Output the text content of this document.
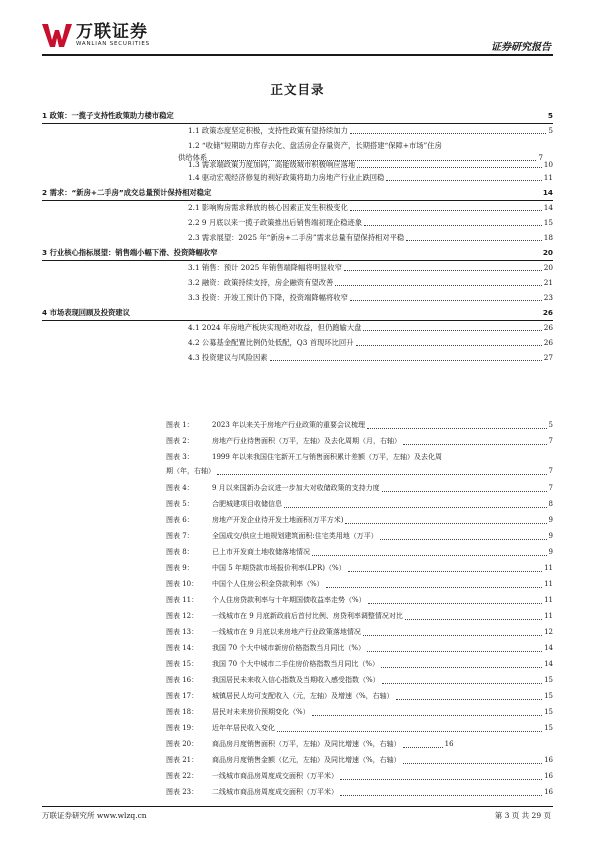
万联证券
WANLIAN SECURITIES	证券研究报告
正文目录
1 政策：一揽子支持性政策助力楼市稳定	5
1.1 政策态度坚定积极，支持性政策有望持续加力	5
1.2 “收储”短期助力库存去化、盘活房企存量资产，长期搭建“保障+市场”住房
供给体系	7
1.3 需求端政策力度加码，高能级城市积极响应落地	10
1.4 驱动宏观经济修复的利好政策将助力房地产行业止跌回稳	11
2 需求：“新房+二手房”成交总量预计保持相对稳定	14
2.1 影响购房需求释放的核心因素正发生积极变化	14
2.2 9 月底以来一揽子政策推出后销售端初现企稳迹象	15
2.3 需求展望：2025 年“新房+二手房”需求总量有望保持相对平稳	18
3 行业核心指标展望：销售端小幅下滑、投资降幅收窄	20
3.1 销售：预计 2025 年销售端降幅将明显收窄	20
3.2 融资：政策持续支持，房企融资有望改善	21
3.3 投资：开竣工预计仍下降，投资端降幅将收窄	23
4 市场表现回顾及投资建议	26
4.1 2024 年房地产板块实现绝对收益，但仍跑输大盘	26
4.2 公募基金配置比例仍处低配，Q3 首现环比回升	26
4.3 投资建议与风险因素	27
图表 1：	2023 年以来关于房地产行业政策的重要会议梳理	5
图表 2：	房地产行业待售面积（万平，左轴）及去化周期（月，右轴）	7
图表 3：	1999 年以来我国住宅新开工与销售面积累计差额（万平，左轴）及去化周
期（年，右轴）	7
图表 4：	9 月以来国新办会议进一步加大对收储政策的支持力度	7
图表 5：	合肥城建项目收储信息	8
图表 6：	房地产开发企业待开发土地面积(万平方米)	9
图表 7：	全国成交/供应土地规划建筑面积:住宅类用地（万平）	9
图表 8：	已上市开发商土地收储落地情况	9
图表 9：	中国 5 年期贷款市场报价利率(LPR)（%）	11
图表 10：	中国个人住房公积金贷款利率（%）	11
图表 11：	个人住房贷款利率与十年期国债收益率走势（%）	11
图表 12：	一线城市在 9 月底新政前后首付比例、房贷利率调整情况对比	11
图表 13：	一线城市在 9 月底以来房地产行业政策落地情况	12
图表 14：	我国 70 个大中城市新房价格指数当月同比（%）	14
图表 15：	我国 70 个大中城市二手住房价格指数当月同比（%）	14
图表 16：	我国居民未来收入信心指数及当期收入感受指数（%）	15
图表 17：	城镇居民人均可支配收入（元，左轴）及增速（%，右轴）	15
图表 18：	居民对未来房价预期变化（%）	15
图表 19：	近年年居民收入变化	15
图表 20：	商品房月度销售面积（万平，左轴）及同比增速（%，右轴）	16
图表 21：	商品房月度销售金额（亿元，左轴）及同比增速（%，右轴）	16
图表 22：	一线城市商品房周度成交面积（万平米）	16
图表 23：	二线城市商品房周度成交面积（万平米）	16
万联证券研究所 www.wlzq.cn	第 3 页 共 29 页
